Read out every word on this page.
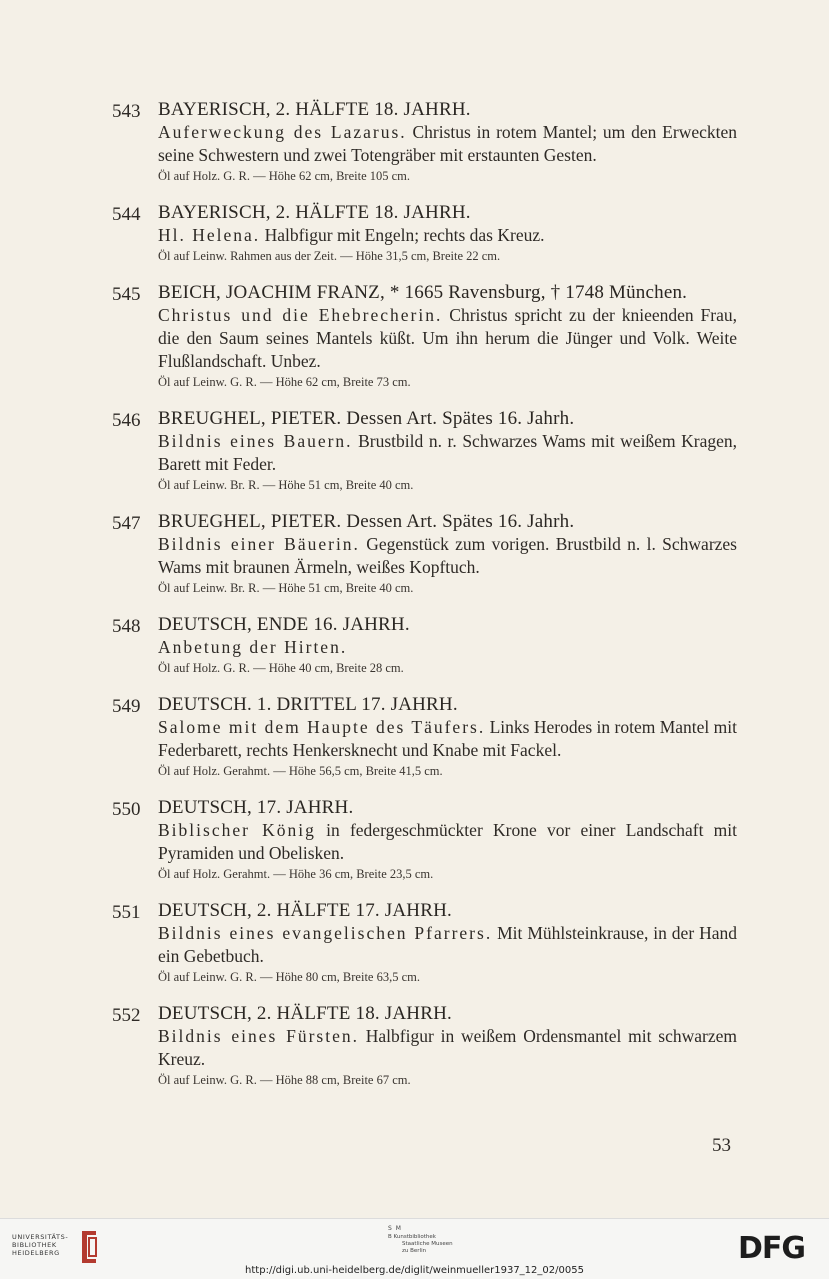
543 BAYERISCH, 2. HÄLFTE 18. JAHRH.
Auferweckung des Lazarus. Christus in rotem Mantel; um den Erweckten seine Schwestern und zwei Totengräber mit erstaunten Gesten.
Öl auf Holz. G. R. — Höhe 62 cm, Breite 105 cm.
544 BAYERISCH, 2. HÄLFTE 18. JAHRH.
Hl. Helena. Halbfigur mit Engeln; rechts das Kreuz.
Öl auf Leinw. Rahmen aus der Zeit. — Höhe 31,5 cm, Breite 22 cm.
545 BEICH, JOACHIM FRANZ, * 1665 Ravensburg, † 1748 München.
Christus und die Ehebrecherin. Christus spricht zu der knieenden Frau, die den Saum seines Mantels küßt. Um ihn herum die Jünger und Volk. Weite Flußlandschaft. Unbez.
Öl auf Leinw. G. R. — Höhe 62 cm, Breite 73 cm.
546 BREUGHEL, PIETER. Dessen Art. Spätes 16. Jahrh.
Bildnis eines Bauern. Brustbild n. r. Schwarzes Wams mit weißem Kragen, Barett mit Feder.
Öl auf Leinw. Br. R. — Höhe 51 cm, Breite 40 cm.
547 BRUEGHEL, PIETER. Dessen Art. Spätes 16. Jahrh.
Bildnis einer Bäuerin. Gegenstück zum vorigen. Brustbild n. l. Schwarzes Wams mit braunen Ärmeln, weißes Kopftuch.
Öl auf Leinw. Br. R. — Höhe 51 cm, Breite 40 cm.
548 DEUTSCH, ENDE 16. JAHRH.
Anbetung der Hirten.
Öl auf Holz. G. R. — Höhe 40 cm, Breite 28 cm.
549 DEUTSCH. 1. DRITTEL 17. JAHRH.
Salome mit dem Haupte des Täufers. Links Herodes in rotem Mantel mit Federbarett, rechts Henkersknecht und Knabe mit Fackel.
Öl auf Holz. Gerahmt. — Höhe 56,5 cm, Breite 41,5 cm.
550 DEUTSCH, 17. JAHRH.
Biblischer König in federgeschmückter Krone vor einer Landschaft mit Pyramiden und Obelisken.
Öl auf Holz. Gerahmt. — Höhe 36 cm, Breite 23,5 cm.
551 DEUTSCH, 2. HÄLFTE 17. JAHRH.
Bildnis eines evangelischen Pfarrers. Mit Mühlsteinkrause, in der Hand ein Gebetbuch.
Öl auf Leinw. G. R. — Höhe 80 cm, Breite 63,5 cm.
552 DEUTSCH, 2. HÄLFTE 18. JAHRH.
Bildnis eines Fürsten. Halbfigur in weißem Ordensmantel mit schwarzem Kreuz.
Öl auf Leinw. G. R. — Höhe 88 cm, Breite 67 cm.
53
UNIVERSITÄTS-
BIBLIOTHEK
HEIDELBERG
S M
B Kunstbibliothek
Staatliche Museen
zu Berlin	DFG
http://digi.ub.uni-heidelberg.de/diglit/weinmueller1937_12_02/0055
